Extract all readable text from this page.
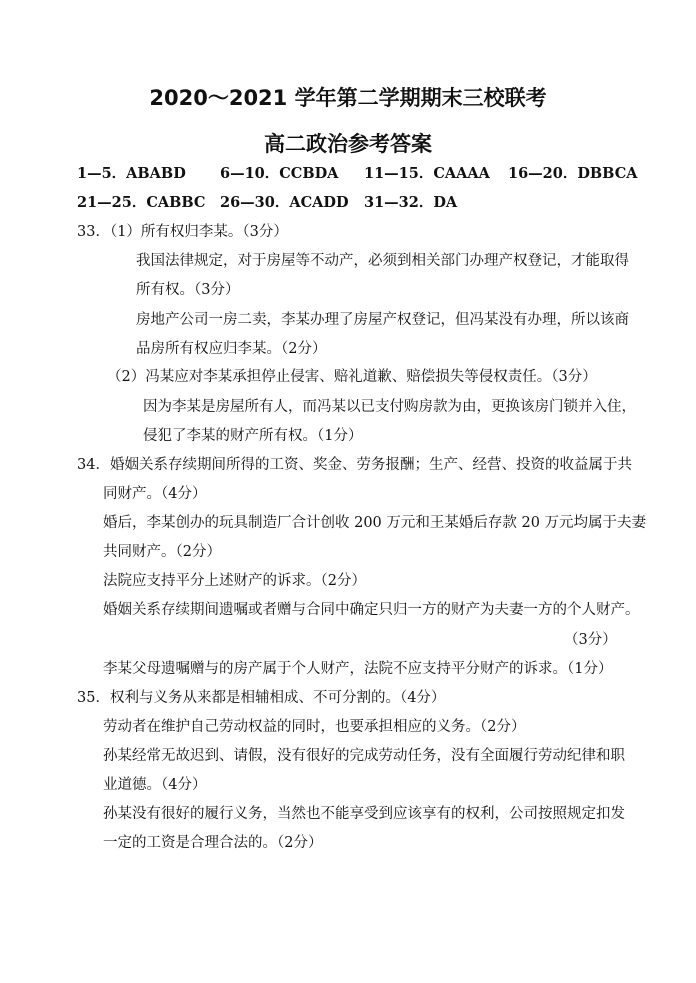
2020～2021 学年第二学期期末三校联考
高二政治参考答案
1—5．ABABD 6—10．CCBDA 11—15．CAAAA 16—20．DBBCA
21—25．CABBC 26—30．ACADD 31—32．DA
33．（1）所有权归李某。（3分）
我国法律规定，对于房屋等不动产，必须到相关部门办理产权登记，才能取得
所有权。（3分）
房地产公司一房二卖，李某办理了房屋产权登记，但冯某没有办理，所以该商
品房所有权应归李某。（2分）
（2）冯某应对李某承担停止侵害、赔礼道歉、赔偿损失等侵权责任。（3分）
因为李某是房屋所有人，而冯某以已支付购房款为由，更换该房门锁并入住，
侵犯了李某的财产所有权。（1分）
34．婚姻关系存续期间所得的工资、奖金、劳务报酬；生产、经营、投资的收益属于共
同财产。（4分）
婚后，李某创办的玩具制造厂合计创收 200 万元和王某婚后存款 20 万元均属于夫妻
共同财产。（2分）
法院应支持平分上述财产的诉求。（2分）
婚姻关系存续期间遗嘱或者赠与合同中确定只归一方的财产为夫妻一方的个人财产。
（3分）
李某父母遗嘱赠与的房产属于个人财产，法院不应支持平分财产的诉求。（1分）
35．权利与义务从来都是相辅相成、不可分割的。（4分）
劳动者在维护自己劳动权益的同时，也要承担相应的义务。（2分）
孙某经常无故迟到、请假，没有很好的完成劳动任务，没有全面履行劳动纪律和职
业道德。（4分）
孙某没有很好的履行义务，当然也不能享受到应该享有的权利，公司按照规定扣发
一定的工资是合理合法的。（2分）
